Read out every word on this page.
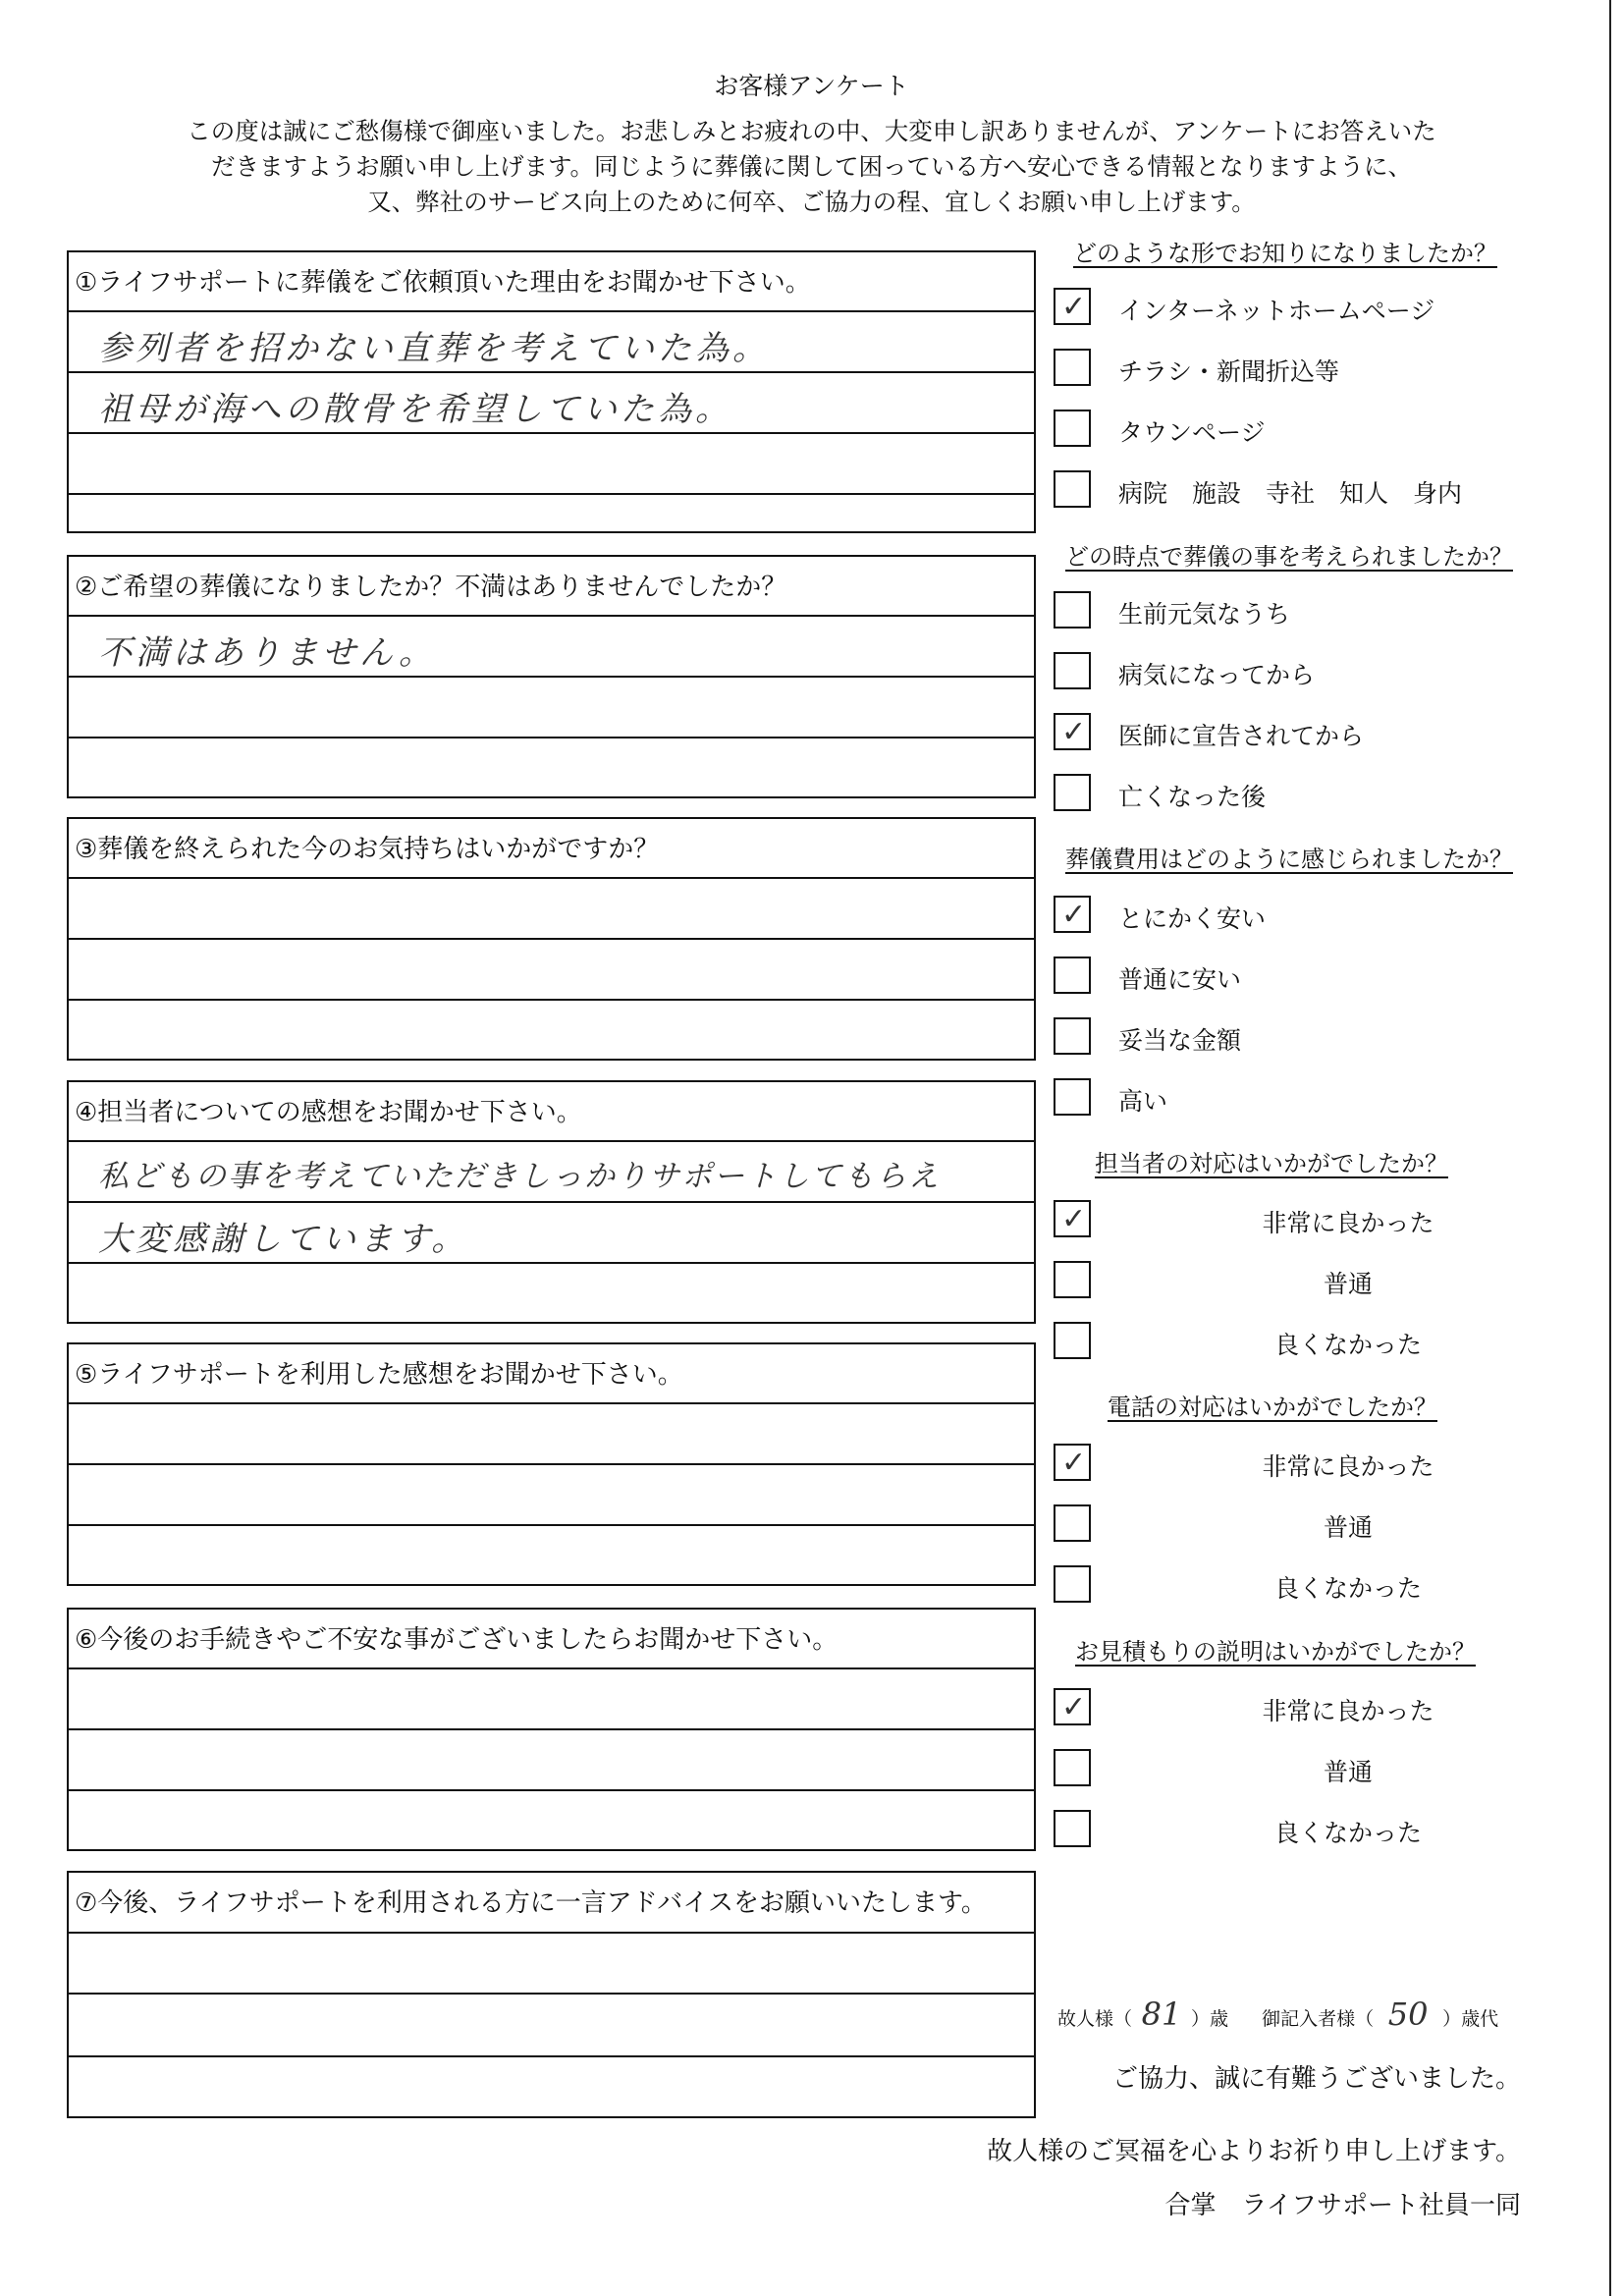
お客様アンケート
この度は誠にご愁傷様で御座いました。お悲しみとお疲れの中、大変申し訳ありませんが、アンケートにお答えいた
だきますようお願い申し上げます。同じように葬儀に関して困っている方へ安心できる情報となりますように、
又、弊社のサービス向上のために何卒、ご協力の程、宜しくお願い申し上げます。
①ライフサポートに葬儀をご依頼頂いた理由をお聞かせ下さい。
参列者を招かない直葬を考えていた為。
祖母が海への散骨を希望していた為。
②ご希望の葬儀になりましたか？不満はありませんでしたか？
不満はありません。
③葬儀を終えられた今のお気持ちはいかがですか？
④担当者についての感想をお聞かせ下さい。
私どもの事を考えていただきしっかりサポートしてもらえ
大変感謝しています。
⑤ライフサポートを利用した感想をお聞かせ下さい。
⑥今後のお手続きやご不安な事がございましたらお聞かせ下さい。
⑦今後、ライフサポートを利用される方に一言アドバイスをお願いいたします。
どのような形でお知りになりましたか？
✓ インターネットホームページ
チラシ・新聞折込等
タウンページ
病院　施設　寺社　知人　身内
どの時点で葬儀の事を考えられましたか？
生前元気なうち
病気になってから
✓ 医師に宣告されてから
亡くなった後
葬儀費用はどのように感じられましたか？
✓ とにかく安い
普通に安い
妥当な金額
高い
担当者の対応はいかがでしたか？
✓	非常に良かった
普通
良くなかった
電話の対応はいかがでしたか？
✓	非常に良かった
普通
良くなかった
お見積もりの説明はいかがでしたか？
✓	非常に良かった
普通
良くなかった
故人様（ 81 ）歳 御記入者様（ 50 ）歳代
ご協力、誠に有難うございました。
故人様のご冥福を心よりお祈り申し上げます。
合掌　ライフサポート社員一同
